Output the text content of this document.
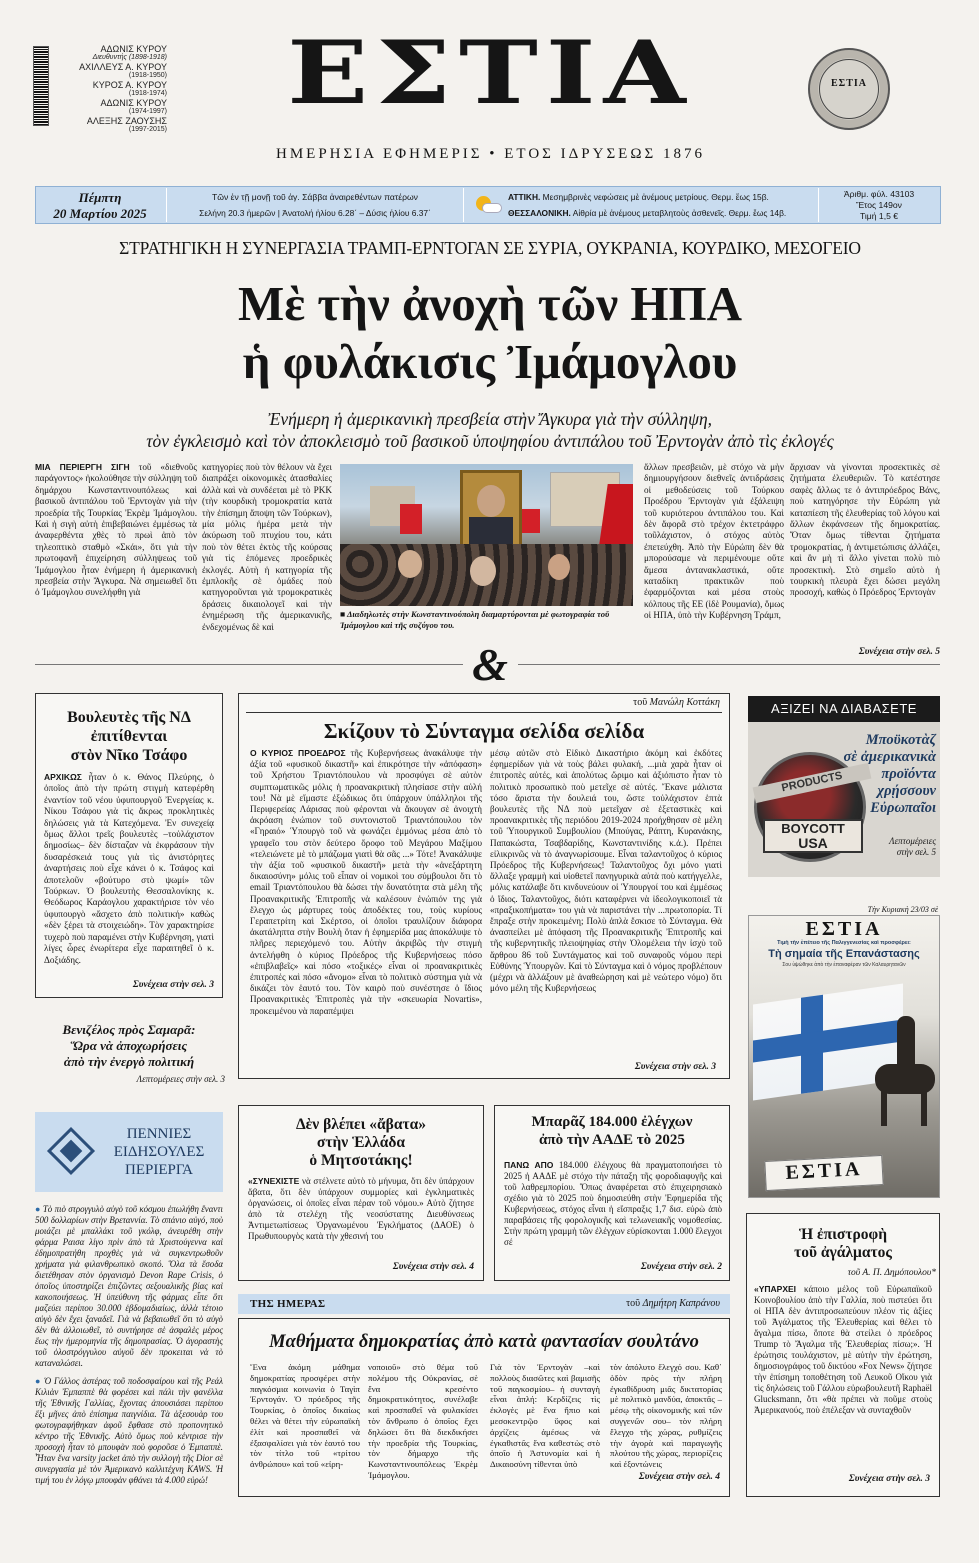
ΑΔΩΝΙΣ ΚΥΡΟΥ
Διευθυντής (1898-1918)
ΑΧΙΛΛΕΥΣ Α. ΚΥΡΟΥ
(1918-1950)
ΚΥΡΟΣ Α. ΚΥΡΟΥ
(1918-1974)
ΑΔΩΝΙΣ ΚΥΡΟΥ
(1974-1997)
ΑΛΕΞΗΣ ΖΑΟΥΣΗΣ
(1997-2015)
ΕΣΤΙΑ
ΗΜΕΡΗΣΙΑ ΕΦΗΜΕΡΙΣ • ΕΤΟΣ ΙΔΡΥΣΕΩΣ 1876
ΕΣΤΙΑ
Πέμπτη
20 Μαρτίου 2025
Τῶν ἐν τῇ μονῇ τοῦ ἁγ. Σάββα ἀναιρεθέντων πατέρων
Σελήνη 20.3 ἡμερῶν | Ἀνατολή ἡλίου 6.28΄ – Δύσις ἡλίου 6.37΄
ΑΤΤΙΚΗ. Μεσημβρινὲς νεφώσεις μὲ ἀνέμους μετρίους. Θερμ. ἕως 15β.
ΘΕΣΣΑΛΟΝΙΚΗ. Αἰθρία μὲ ἀνέμους μεταβλητοὺς ἀσθενεῖς. Θερμ. ἕως 14β.
Ἀριθμ. φύλ. 43103
Ἔτος 149ον
Τιμή 1,5 €
ΣΤΡΑΤΗΓΙΚΗ Η ΣΥΝΕΡΓΑΣΙΑ ΤΡΑΜΠ-ΕΡΝΤΟΓΑΝ ΣΕ ΣΥΡΙΑ, ΟΥΚΡΑΝΙΑ, ΚΟΥΡΔΙΚΟ, ΜΕΣΟΓΕΙΟ
Μὲ τὴν ἀνοχὴ τῶν ΗΠΑ
ἡ φυλάκισις Ἰμάμογλου
Ἐνήμερη ἡ ἀμερικανικὴ πρεσβεία στὴν Ἄγκυρα γιὰ τὴν σύλληψη,
τὸν ἐγκλεισμὸ καὶ τὸν ἀποκλεισμὸ τοῦ βασικοῦ ὑποψηφίου ἀντιπάλου τοῦ Ἐρντογὰν ἀπὸ τὶς ἐκλογές
ΜΙΑ ΠΕΡΙΕΡΓΗ ΣΙΓΗ τοῦ «διεθνοῦς παράγοντος» ἠκολούθησε τὴν σύλληψη τοῦ δημάρχου Κωνσταντινουπόλεως καὶ βασικοῦ ἀντιπάλου τοῦ Ἐρντογὰν γιὰ τὴν προεδρία τῆς Τουρκίας Ἐκρὲμ Ἰμάμογλου. Καὶ ἡ σιγὴ αὐτὴ ἐπιβεβαιώνει ἐμμέσως τὰ ἀναφερθέντα χθὲς τὸ πρωὶ ἀπὸ τὸν τηλεοπτικὸ σταθμὸ «Σκάι», ὅτι γιὰ τὴν πρωτοφανῆ ἐπιχείρηση σύλληψεως τοῦ Ἰμάμογλου ἦταν ἐνήμερη ἡ ἀμερικανικὴ πρεσβεία στὴν Ἄγκυρα. Νὰ σημειωθεῖ ὅτι ὁ Ἰμάμογλου συνελήφθη γιὰ
κατηγορίες ποὺ τὸν θέλουν νὰ ἔχει διαπράξει οἰκονομικὲς ἀτασθαλίες ἀλλὰ καὶ νὰ συνδέεται μὲ τὸ PKK (τὴν κουρδικὴ τρομοκρατία κατὰ τὴν ἐπίσημη ἄποψη τῶν Τούρκων), μία μόλις ἡμέρα μετὰ τὴν ἀκύρωση τοῦ πτυχίου του, κάτι ποὺ τὸν θέτει ἐκτὸς τῆς κούρσας γιὰ τὶς ἑπόμενες προεδρικὲς ἐκλογές. Αὐτὴ ἡ κατηγορία τῆς ἐμπλοκῆς σὲ ὁμάδες ποὺ κατηγοροῦνται γιὰ τρομοκρατικὲς δράσεις δικαιολογεῖ καὶ τὴν ἐνημέρωση τῆς ἀμερικανικῆς, ἐνδεχομένως δὲ καὶ
■ Διαδηλωτὲς στὴν Κωνσταντινούπολη διαμαρτύρονται μὲ φωτογραφία τοῦ Ἰμάμογλου καὶ τῆς συζύγου του.
ἄλλων πρεσβειῶν, μὲ στόχο νὰ μὴν δημιουργήσουν διεθνεῖς ἀντιδράσεις οἱ μεθοδεύσεις τοῦ Τούρκου Προέδρου Ἐρντογὰν γιὰ ἐξάλειψη τοῦ κυριότερου ἀντιπάλου του. Καὶ δὲν ἄφορᾶ στὸ τρέχον ἐκτετράφρο τοῦλάχιστον, ὁ στόχος αὐτὸς ἐπετεύχθη. Ἀπὸ τὴν Εὐρώπη δὲν θὰ μπορούσαμε νὰ περιμένουμε οὔτε ἄμεσα ἀντανακλαστικά, οὔτε καταδίκη πρακτικῶν ποὺ ἐφαρμόζονται καὶ μέσα στοὺς κόλπους τῆς ΕΕ (ἰδὲ Ρουμανία), ὅμως οἱ ΗΠΑ, ὑπὸ τὴν Κυβέρνηση Τράμπ,
ἄρχισαν νὰ γίνονται προσεκτικὲς σὲ ζητήματα ἐλευθεριῶν. Τὸ κατέστησε σαφὲς ἄλλως τε ὁ ἀντιπρόεδρος Βάνς, ποὺ κατηγόρησε τὴν Εὐρώπη γιὰ καταπίεση τῆς ἐλευθερίας τοῦ λόγου καὶ ἄλλων ἐκφάνσεων τῆς δημοκρατίας. Ὅταν ὅμως τίθενται ζητήματα τρομοκρατίας, ἡ ἀντιμετώπισις ἀλλάζει, καὶ ἂν μὴ τὶ ἄλλο γίνεται πολὺ πιὸ προσεκτικὴ. Στὸ σημεῖο αὐτὸ ἡ τουρκικὴ πλευρὰ ἔχει δώσει μεγάλη προσοχή, καθὼς ὁ Πρόεδρος Ἐρντογὰν
Συνέχεια στὴν σελ. 5
&
Βουλευτὲς τῆς ΝΔ
ἐπιτίθενται
στὸν Νῖκο Τσάφο
ΑΡΧΙΚΩΣ ἦταν ὁ κ. Θάνος Πλεύρης, ὁ ὁποῖος ἀπὸ τὴν πρώτη στιγμὴ κατεφέρθη ἐναντίον τοῦ νέου ὑφυπουργοῦ Ἐνεργείας κ. Νίκου Τσάφου γιὰ τὶς ἄκρως προκλητικὲς δηλώσεις γιὰ τὰ Κατεχόμενα. Ἐν συνεχείᾳ ὅμως ἄλλοι τρεῖς βουλευτὲς –τοὐλάχιστον δημοσίως– δὲν δίσταζαν νὰ ἐκφράσουν τὴν δυσαρέσκειά τους γιὰ τὶς ἀνιστόρητες ἀναρτήσεις ποὺ εἶχε κάνει ὁ κ. Τσάφος καὶ ἀποτελοῦν «βούτυρο στὸ ψωμί» τῶν Τούρκων. Ὁ βουλευτὴς Θεσσαλονίκης κ. Θεόδωρος Καράογλου χαρακτήρισε τὸν νέο ὑφυπουργὸ «ἄσχετο ἀπὸ πολιτική» καθὼς «δὲν ξέρει τὰ στοιχειώδη». Τὸν χαρακτηρίσε τυχερὸ ποὺ παραμένει στὴν Κυβέρνηση, γιατὶ λίγες ὧρες ἐνωρίτερα εἶχε παραιτηθεῖ ὁ κ. Δοξιάδης.
Συνέχεια στὴν σελ. 3
Βενιζέλος πρὸς Σαμαρᾶ:
Ὥρα νὰ ἀποχωρήσεις
ἀπὸ τὴν ἐνεργὸ πολιτική
Λεπτομέρειες στὴν σελ. 3
ΠΕΝΝΙΕΣ
ΕΙΔΗΣΟΥΛΕΣ
ΠΕΡΙΕΡΓΑ
● Τὸ πιὸ στρογγυλὸ αὐγὸ τοῦ κόσμου ἐπωλήθη ἔναντι 500 δολλαρίων στὴν Βρεταννία. Τὸ σπάνιο αὐγό, ποὺ μοιάζει μὲ μπαλλάκι τοῦ γκόλφ, ἀνευρέθη στὴν φάρμα Ραισα λίγο πρὶν ἀπὸ τὰ Χριστούγεννα καὶ ἐδημοπρατήθη προχθὲς γιὰ νὰ συγκεντρωθοῦν χρήματα γιὰ φιλανθρωπικὸ σκοπό. Ὅλα τὰ ἔσοδα διετέθησαν στὸν ὀργανισμὸ Devon Rape Crisis, ὁ ὁποῖος ὑποστηρίζει ἐπιζῶντες σεξουαλικῆς βίας καὶ κακοποιήσεως. Ἡ ὑπεύθυνη τῆς φάρμας εἶπε ὅτι μαζεύει περίπου 30.000 ἑβδομαδιαίως, ἀλλὰ τέτοιο αὐγὸ δὲν ἔχει ξαναδεῖ. Γιὰ νὰ βεβαιωθεῖ ὅτι τὸ αὐγὸ δὲν θὰ ἀλλοιωθεῖ, τὸ συντήρησε σὲ ἀσφαλὲς μέρος ἕως τὴν ἡμερομηνία τῆς δημοπρασίας. Ὁ ἀγοραστὴς τοῦ ὁλοστρόγγυλου αὐγοῦ δὲν προκειται νὰ τὸ καταναλώσει.
● Ὁ Γάλλος ἀστέρας τοῦ ποδοσφαίρου καὶ τῆς Ρεάλ Κιλιὰν Ἐμπαππὲ θὰ φορέσει καὶ πάλι τὴν φανέλλα τῆς Ἐθνικῆς Γαλλίας, ἔχοντας ἀπουσιάσει περίπου ἕξι μῆνες ἀπὸ ἐπίσημα παιγνίδια. Τὰ ἀξεσουὰρ του φωτογραφήθηκαν ἀφοῦ ἔφθασε στὸ προπονητικὸ κέντρο τῆς Ἐθνικῆς. Αὐτὸ ὅμως ποὺ κέντρισε τὴν προσοχὴ ἦταν τὸ μπουφὰν ποὺ φοροῦσε ὁ Ἐμπαππὲ. Ἦταν ἕνα varsity jacket ἀπὸ τὴν συλλογὴ τῆς Dior σὲ συνεργασία μὲ τὸν Ἀμερικανὸ καλλιτέχνη KAWS. Ἡ τιμή του ἐν λόγῳ μπουφὰν φθάνει τὰ 4.000 εὐρώ!
τοῦ Μανώλη Κοττάκη
Σκίζουν τὸ Σύνταγμα σελίδα σελίδα
Ο ΚΥΡΙΟΣ ΠΡΟΕΔΡΟΣ τῆς Κυβερνήσεως ἀνακάλυψε τὴν ἀξία τοῦ «φυσικοῦ δικαστῆ» καὶ ἐπικρότησε τὴν «ἀπόφαση» τοῦ Χρήστου Τριαντόπουλου νὰ προσφύγει σὲ αὐτὸν συμπτωματικῶς μόλις ἡ προανακριτικὴ πλησίασε στὴν αὐλή του! Νὰ μὲ εἴμαστε ἐξώδικως ὅτι ὑπάρχουν ὑπάλληλοι τῆς Περιφερείας Λάρισας ποὺ φέρονται νὰ ἄκουγαν σὲ ἀνοιχτὴ ἀκρόαση ἐνώπιον τοῦ συντονιστοῦ Τριαντόπουλου τὸν «Γηραιό» Ὑπουργὸ τοῦ νὰ φωνάζει ἐμμόνως μέσα ἀπὸ τὸ γραφεῖο του στὸν δεύτερο ὄροφο τοῦ Μεγάρου Μαξίμου «τελειώνετε μὲ τὸ μπάζωμα γιατὶ θὰ σᾶς ...» Τότε! Ἀνακάλυψε τὴν ἀξία τοῦ «φυσικοῦ δικαστῆ» μετὰ τὴν «ἀνεξάρτητη δικαιοσύνη» μόλις τοῦ εἶπαν οἱ νομικοὶ του σύμβουλοι ὅτι τὸ email Τριαντόπουλου θὰ δώσει τὴν δυνατότητα στὰ μέλη τῆς Προανακριτικῆς Ἐπιτροπῆς νὰ καλέσουν ἐνώπιόν της γιὰ ἔλεγχο ὡς μάρτυρες τοὺς ἀποδέκτες του, τοὺς κυρίους Γεραπετρίτη καὶ Σκέρτσο, οἱ ὁποῖοι τραυλίζουν διάφορα ἀκατάληπτα στὴν Βουλὴ ὅταν ἡ ἐφημερίδα μας ἀποκάλυψε τὸ πλῆρες περιεχόμενό του. Αὐτὴν ἀκριβῶς τὴν στιγμὴ ἀντελήφθη ὁ κύριος Πρόεδρος τῆς Κυβερνήσεως πόσο «ἐπιβλαβεῖς» καὶ πόσο «τοξικές» εἶναι οἱ προανακριτικὲς ἐπιτροπές καὶ πόσο «ἄνομο» εἶναι τὸ πολιτικὸ σύστημα γιὰ νὰ δικάζει τὸν ἑαυτό του. Τὸν καιρὸ ποὺ συνέστησε ὁ ἴδιος Προανακριτικὲς Ἐπιτροπὲς γιὰ τὴν «σκευωρία Novartis», προκειμένου νὰ παραπέμψει
μέσῳ αὐτῶν στὸ Εἰδικὸ Δικαστήριο ἀκόμη καὶ ἐκδότες ἐφημερίδων γιὰ νὰ τοὺς βάλει φυλακή, ...μιὰ χαρὰ ἦταν οἱ ἐπιτροπὲς αὐτές, καὶ ἀπολύτως ὥριμο καὶ ἀξιόπιστο ἦταν τὸ πολιτικὸ προσωπικὸ ποὺ μετεῖχε σὲ αὐτές. Ἔκανε μάλιστα τόσο ἄριστα τὴν δουλειά του, ὥστε τοὐλάχιστον ἑπτὰ βουλευτὲς τῆς ΝΔ ποὺ μετεῖχαν σὲ ἐξεταστικὲς καὶ προανακριτικὲς τῆς περιόδου 2019-2024 προήχθησαν σὲ μέλη τοῦ Ὑπουργικοῦ Συμβουλίου (Μπούγας, Ράπτη, Κυρανάκης, Παπακώστα, Τσαβδαρίδης, Κωνσταντινίδης κ.ἀ.). Πρέπει εἰλικρινῶς νὰ τὸ ἀναγνωρίσουμε. Εἶναι ταλαντοῦχος ὁ κύριος Πρόεδρος τῆς Κυβερνήσεως! Ταλαντοῦχος ὄχι μόνο γιατὶ ἄλλαξε γραμμὴ καὶ υἱοθετεῖ πανηγυρικὰ αὐτὰ ποὺ κατήγγελλε, μόλις κατάλαβε ὅτι κινδυνεύουν οἱ Ὑπουργοί του καὶ ἐμμέσως ὁ ἴδιος. Ταλαντοῦχος, διότι καταφέρνει νὰ ἰδεολογικοποιεῖ τὰ «πραξικοπήματα» του γιὰ νὰ παριστάνει τὴν ...πρωτοπορία. Τί ἔπραξε στὴν προκειμένη; Πολὺ ἁπλὰ ἔσκισε τὸ Σύνταγμα. Θὰ ἀνασπείλει μὲ ἀπόφαση τῆς Προανακριτικῆς Ἐπιτροπῆς καὶ τῆς κυβερνητικῆς πλειοψηφίας στὴν Ὁλομέλεια τὴν ἰσχὺ τοῦ ἄρθρου 86 τοῦ Συντάγματος καὶ τοῦ συναφοῦς νόμου περὶ Εὐθύνης Ὑπουργῶν. Καὶ τὸ Σύνταγμα καὶ ὁ νόμος προβλέπουν (μέχρι νὰ ἀλλάξουν μὲ ἀναθεώρηση καὶ μὲ νεώτερο νόμο) ὅτι μόνο μέλη τῆς Κυβερνήσεως
Συνέχεια στὴν σελ. 3
ΑΞΙΖΕΙ ΝΑ ΔΙΑΒΑΣΕΤΕ
PRODUCTS
BOYCOTT
USA
Μποϋκοτὰζ
σὲ ἀμερικανικὰ
προϊόντα
χρῄσσουν
Εὐρωπαῖοι
Λεπτομέρειες
στὴν σελ. 5
Τὴν Κυριακὴ 23/03 σὲ
ΕΣΤΙΑ
Τιμὴ τὴν ἐπέτειο τῆς Παλιγγενεσίας καὶ προσφέρει:
Τὴ σημαία τῆς Επανάστασης
Σου ὑψώθηκε ἀπὸ τὴν ἐπαναφέραν τῶν Καλαυρητανῶν
ΕΣΤΙΑ
Δὲν βλέπει «ἄβατα»
στὴν Ἑλλάδα
ὁ Μητσοτάκης!
«ΣΥΝΕΧΙΣΤΕ νὰ στέλνετε αὐτὸ τὸ μήνυμα, ὅτι δὲν ὑπάρχουν ἄβατα, ὅτι δὲν ὑπάρχουν συμμορίες καὶ ἐγκληματικὲς ὀργανώσεις, οἱ ὁποῖες εἶναι πέραν τοῦ νόμου.» Αὐτὸ ζήτησε ἀπὸ τὰ στελέχη τῆς νεοσύστατης Διευθύνσεως Ἀντιμετωπίσεως Ὀργανωμένου Ἐγκλήματος (ΔΑΟΕ) ὁ Πρωθυπουργὸς κατὰ τὴν χθεσινή του
Συνέχεια στὴν σελ. 4
Μπαρᾶζ 184.000 ἐλέγχων
ἀπὸ τὴν ΑΑΔΕ τὸ 2025
ΠΑΝΩ ΑΠΟ 184.000 ἐλέγχους θὰ πραγματοποιήσει τὸ 2025 ἡ ΑΑΔΕ μὲ στόχο τὴν πάταξη τῆς φοροδιαφυγῆς καὶ τοῦ λαθρεμπορίου. Ὅπως ἀναφέρεται στὸ ἐπιχειρησιακὸ σχέδιο γιὰ τὸ 2025 ποὺ δημοσιεύθη στὴν Ἐφημερίδα τῆς Κυβερνήσεως, στόχος εἶναι ἡ εἴσπραξις 1,7 δισ. εὐρὼ ἀπὸ παραβάσεις τῆς φορολογικῆς καὶ τελωνειακῆς νομοθεσίας. Στὴν πρώτη γραμμὴ τῶν ἐλέγχων εὑρίσκονται 1.000 ἔλεγχοι σέ
Συνέχεια στὴν σελ. 2
Ἡ ἐπιστροφὴ
τοῦ ἀγάλματος
τοῦ Α. Π. Δημόπουλου*
«ΥΠΑΡΧΕΙ κάποιο μέλος τοῦ Εὐρωπαϊκοῦ Κοινοβουλίου ἀπὸ τὴν Γαλλία, ποὺ πιστεύει ὅτι οἱ ΗΠΑ δὲν ἀντιπροσωπεύουν πλέον τὶς ἀξίες τοῦ Ἀγάλματος τῆς Ἐλευθερίας καὶ θέλει τὸ ἄγαλμα πίσω, ὅποτε θὰ στείλει ὁ πρόεδρος Trump τὸ Ἄγαλμα τῆς Ἐλευθερίας πίσω;». Ἡ ἐρώτησις τουλάχιστον, μὲ αὐτὴν τὴν ἐρώτηση, δημοσιογράφος τοῦ δικτύου «Fox News» ζήτησε τὴν ἐπίσημη τοποθέτηση τοῦ Λευκοῦ Οἴκου γιὰ τὶς δηλώσεις τοῦ Γάλλου εὐρωβουλευτῆ Raphaël Glucksmann, ὅτι «θὰ πρέπει νὰ ποῦμε στοὺς Ἀμερικανούς, ποὺ ἐπέλεξαν νὰ συνταχθοῦν
Συνέχεια στὴν σελ. 3
ΤΗΣ ΗΜΕΡΑΣ	τοῦ Δημήτρη Καπράνου
Μαθήματα δημοκρατίας ἀπὸ κατὰ φαντασίαν σουλτάνο
Ἕνα ἀκόμη μάθημα δημοκρατίας προσφέρει στὴν παγκόσμια κοινωνία ὁ Ταγὶπ Ἐρντογάν. Ὁ πρόεδρος τῆς Τουρκίας, ὁ ὁποῖος δικαίως θέλει νὰ θέτει τὴν εὐρωπαϊκὴ ἐλίτ καὶ προσπαθεῖ νὰ ἐξασφαλίσει γιὰ τὸν ἑαυτό του τὸν τίτλο τοῦ «τρίτου ἀνθρώπου» καὶ τοῦ «εἰρη-
νοποιοῦ» στὸ θέμα τοῦ πολέμου τῆς Οὐκρανίας, σὲ ἕνα κρεσέντο δημοκρατικότητος, συνέλαβε καὶ προσπαθεῖ νὰ φυλακίσει τὸν ἄνθρωπο ὁ ὁποῖος ἔχει δηλώσει ὅτι θὰ διεκδικήσει τὴν προεδρία τῆς Τουρκίας, τὸν δήμαρχο τῆς Κωνσταντινουπόλεως Ἐκρὲμ Ἰμάμογλου.
Γιὰ τὸν Ἐρντογὰν –καὶ πολλοὺς διασῶτες καὶ βαμισῆς τοῦ παγκοσμίου– ἡ συνταγὴ εἶναι ἁπλή: Κερδίζεις τὶς ἐκλογὲς μὲ ἕνα ἤπιο καὶ μεσοκεντρῷο ὕφος καὶ ἀρχίζεις ἀμέσως νὰ ἐγκαθιστᾶς ἕνα καθεστὼς στὸ ὁποῖο ἡ Ἀστυνομία καὶ ἡ Δικαιοσύνη τίθενται ὑπὸ
τὸν ἀπόλυτο ἔλεγχό σου. Καθ᾽ ὁδὸν πρὸς τὴν πλήρη ἐγκαθίδρυση μιᾶς δικτατορίας μὲ πολιτικὸ μανδύα, ἀποκτᾶς –μέσῳ τῆς οἰκονομικῆς καὶ τῶν συγγενῶν σου– τὸν πλήρη ἔλεγχο τῆς χώρας, ρυθμίζεις τὴν ἀγορὰ καὶ παραγωγῆς πλούτου τῆς χώρας, περιορίζεις καὶ ἐξοντώνεις
Συνέχεια στὴν σελ. 4
